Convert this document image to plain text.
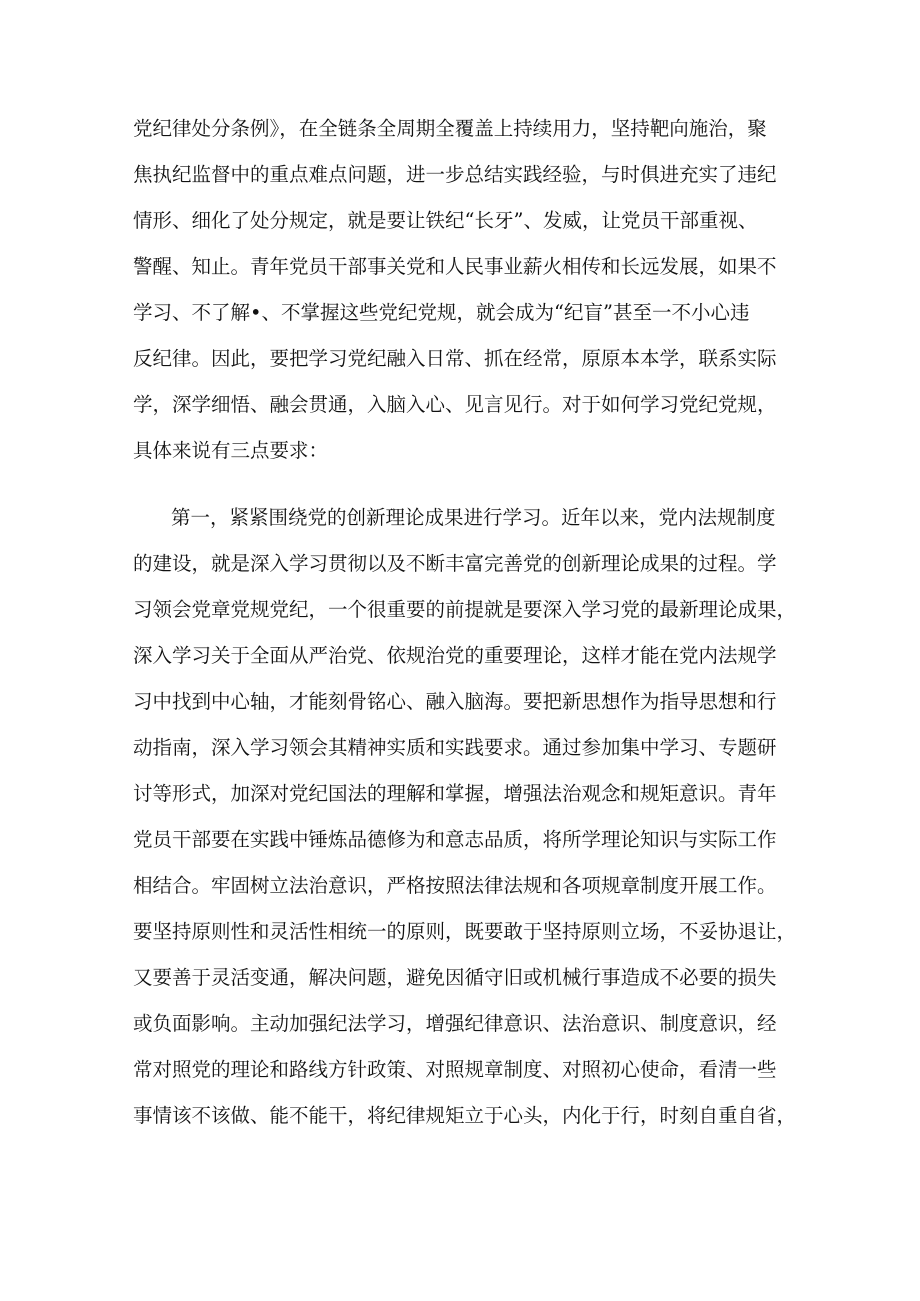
党纪律处分条例》，在全链条全周期全覆盖上持续用力，坚持靶向施治，聚
焦执纪监督中的重点难点问题，进一步总结实践经验，与时俱进充实了违纪
情形、细化了处分规定，就是要让铁纪“长牙”、发威，让党员干部重视、
警醒、知止。青年党员干部事关党和人民事业薪火相传和长远发展，如果不
学习、不了解•、不掌握这些党纪党规，就会成为“纪盲”甚至一不小心违
反纪律。因此，要把学习党纪融入日常、抓在经常，原原本本学，联系实际
学，深学细悟、融会贯通，入脑入心、见言见行。对于如何学习党纪党规，
具体来说有三点要求：
第一，紧紧围绕党的创新理论成果进行学习。近年以来，党内法规制度
的建设，就是深入学习贯彻以及不断丰富完善党的创新理论成果的过程。学
习领会党章党规党纪，一个很重要的前提就是要深入学习党的最新理论成果，
深入学习关于全面从严治党、依规治党的重要理论，这样才能在党内法规学
习中找到中心轴，才能刻骨铭心、融入脑海。要把新思想作为指导思想和行
动指南，深入学习领会其精神实质和实践要求。通过参加集中学习、专题研
讨等形式，加深对党纪国法的理解和掌握，增强法治观念和规矩意识。青年
党员干部要在实践中锤炼品德修为和意志品质，将所学理论知识与实际工作
相结合。牢固树立法治意识，严格按照法律法规和各项规章制度开展工作。
要坚持原则性和灵活性相统一的原则，既要敢于坚持原则立场，不妥协退让，
又要善于灵活变通，解决问题，避免因循守旧或机械行事造成不必要的损失
或负面影响。主动加强纪法学习，增强纪律意识、法治意识、制度意识，经
常对照党的理论和路线方针政策、对照规章制度、对照初心使命，看清一些
事情该不该做、能不能干，将纪律规矩立于心头，内化于行，时刻自重自省，
